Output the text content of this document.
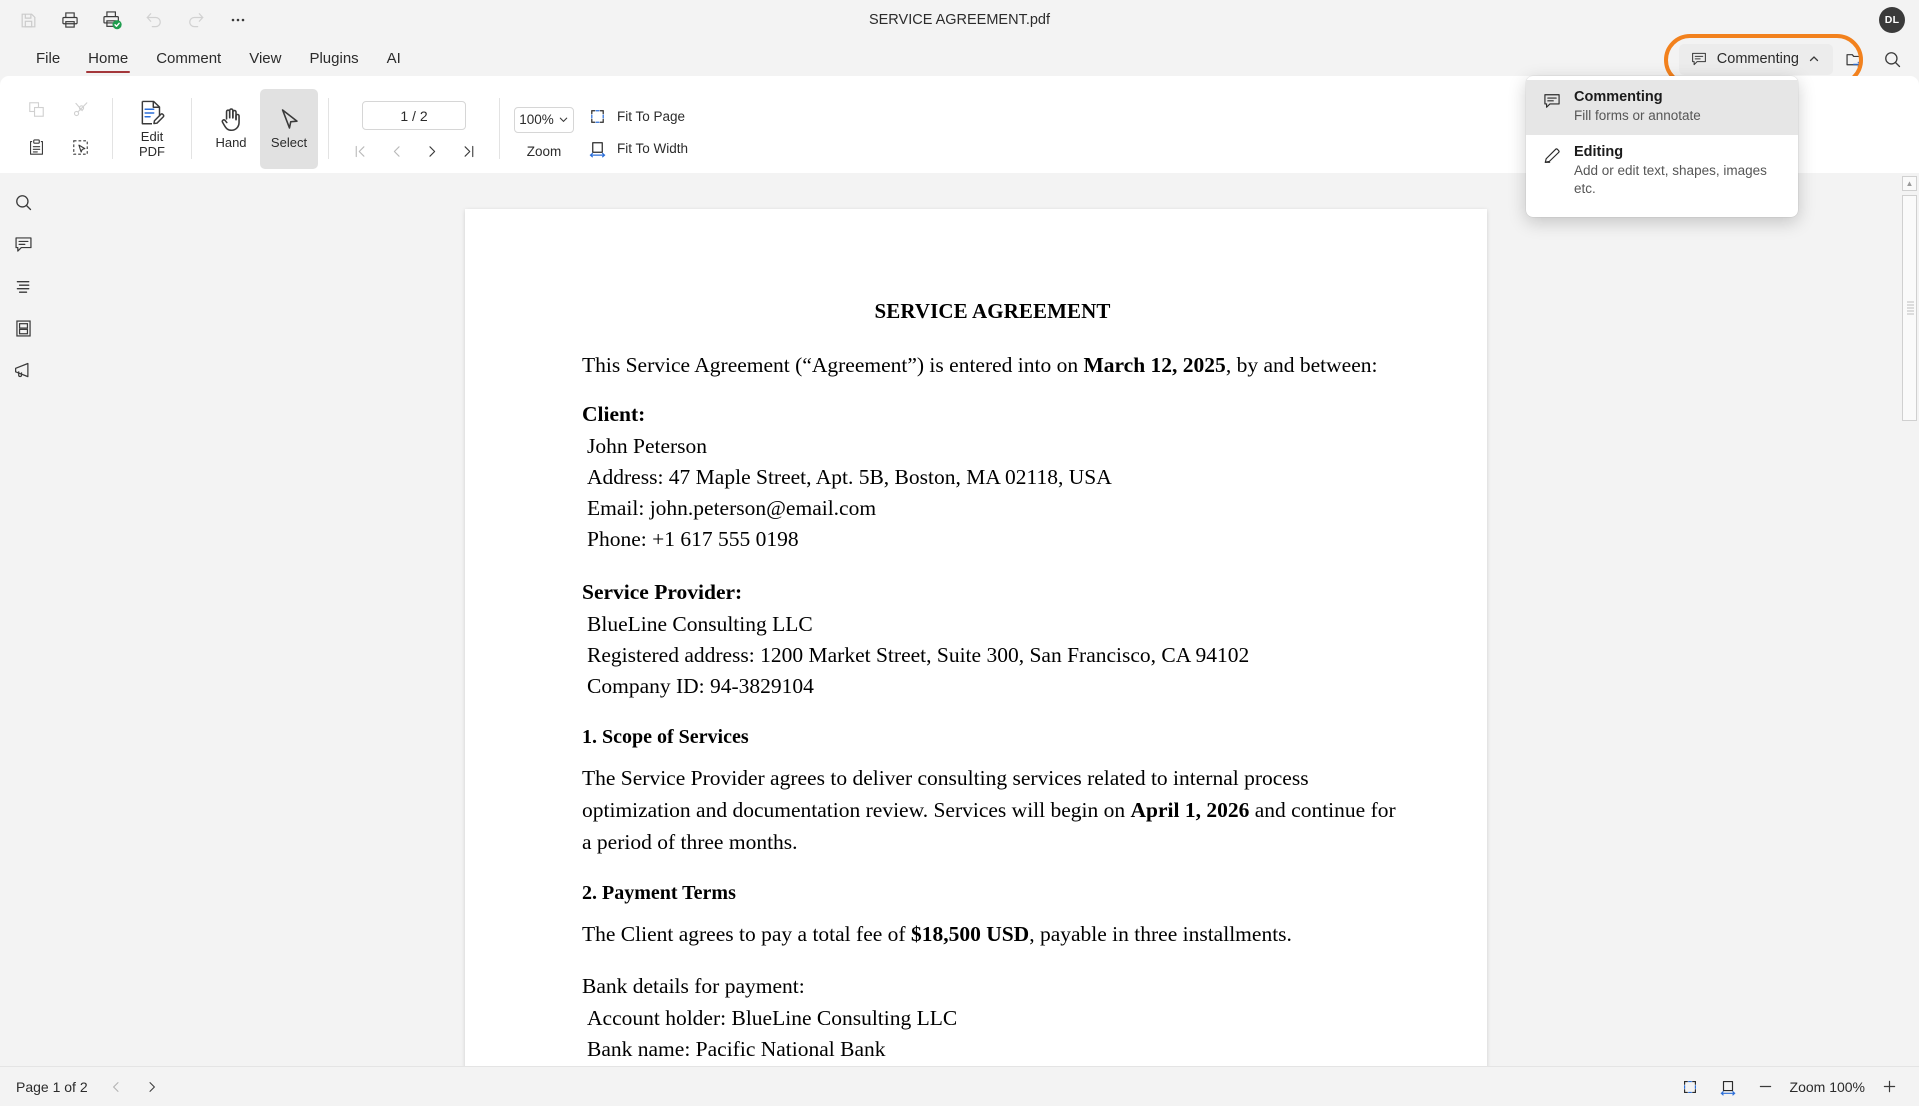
SERVICE AGREEMENT.pdf	DL
File	Home	Comment	View	Plugins	AI	Commenting
Commenting
Fill forms or annotate
Editing
Add or edit text, shapes, images etc.
Edit
PDF
Hand Select
1 / 2	100%
Zoom
Fit To Page
Fit To Width
SERVICE AGREEMENT
This Service Agreement (“Agreement”) is entered into on March 12, 2025, by and between:
Client:
John Peterson
Address: 47 Maple Street, Apt. 5B, Boston, MA 02118, USA
Email: john.peterson@email.com
Phone: +1 617 555 0198
Service Provider:
BlueLine Consulting LLC
Registered address: 1200 Market Street, Suite 300, San Francisco, CA 94102
Company ID: 94-3829104
1. Scope of Services
The Service Provider agrees to deliver consulting services related to internal process optimization and documentation review. Services will begin on April 1, 2026 and continue for a period of three months.
2. Payment Terms
The Client agrees to pay a total fee of $18,500 USD, payable in three installments.
Bank details for payment:
Account holder: BlueLine Consulting LLC
Bank name: Pacific National Bank
▲
Page 1 of 2	Zoom 100%
